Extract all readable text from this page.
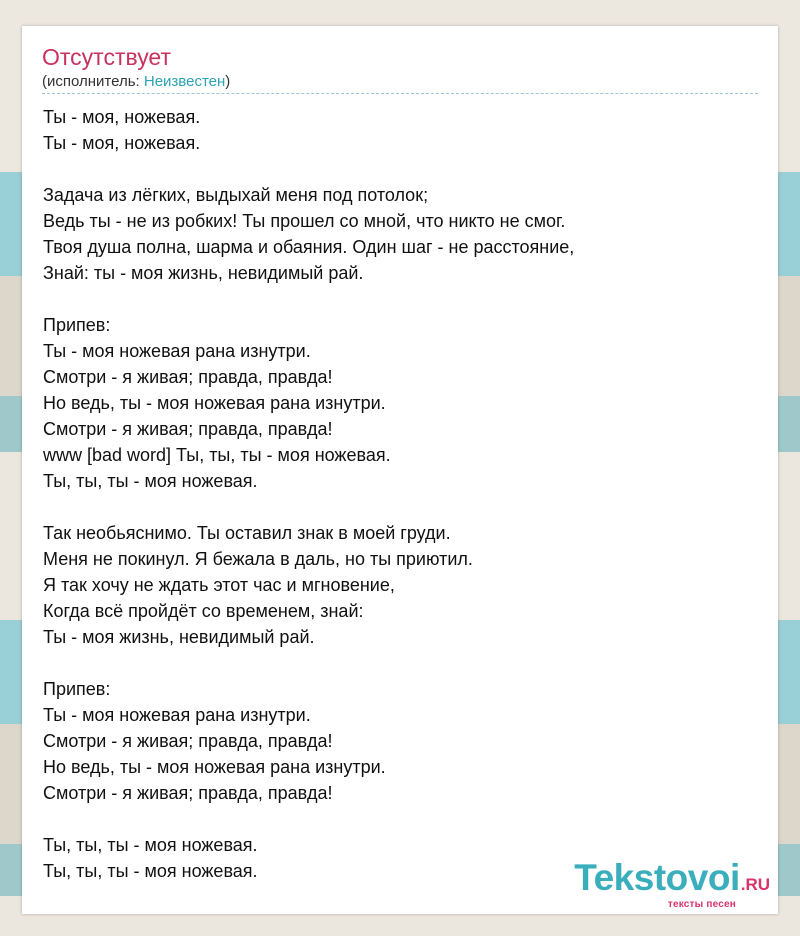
Отсутствует
(исполнитель: Неизвестен)
Ты - моя, ножевая.
Ты - моя, ножевая.
Задача из лёгких, выдыхай меня под потолок;
Ведь ты - не из робких! Ты прошел со мной, что никто не смог.
Твоя душа полна, шарма и обаяния. Один шаг - не расстояние,
Знай: ты - моя жизнь, невидимый рай.
Припев:
Ты - моя ножевая рана изнутри.
Смотри - я живая; правда, правда!
Но ведь, ты - моя ножевая рана изнутри.
Смотри - я живая; правда, правда!
www [bad word] Ты, ты, ты - моя ножевая.
Ты, ты, ты - моя ножевая.
Так необьяснимо. Ты оставил знак в моей груди.
Меня не покинул. Я бежала в даль, но ты приютил.
Я так хочу не ждать этот час и мгновение,
Когда всё пройдёт со временем, знай:
Ты - моя жизнь, невидимый рай.
Припев:
Ты - моя ножевая рана изнутри.
Смотри - я живая; правда, правда!
Но ведь, ты - моя ножевая рана изнутри.
Смотри - я живая; правда, правда!
Ты, ты, ты - моя ножевая.
Ты, ты, ты - моя ножевая.	Tekstovoi.RU
тексты песен
